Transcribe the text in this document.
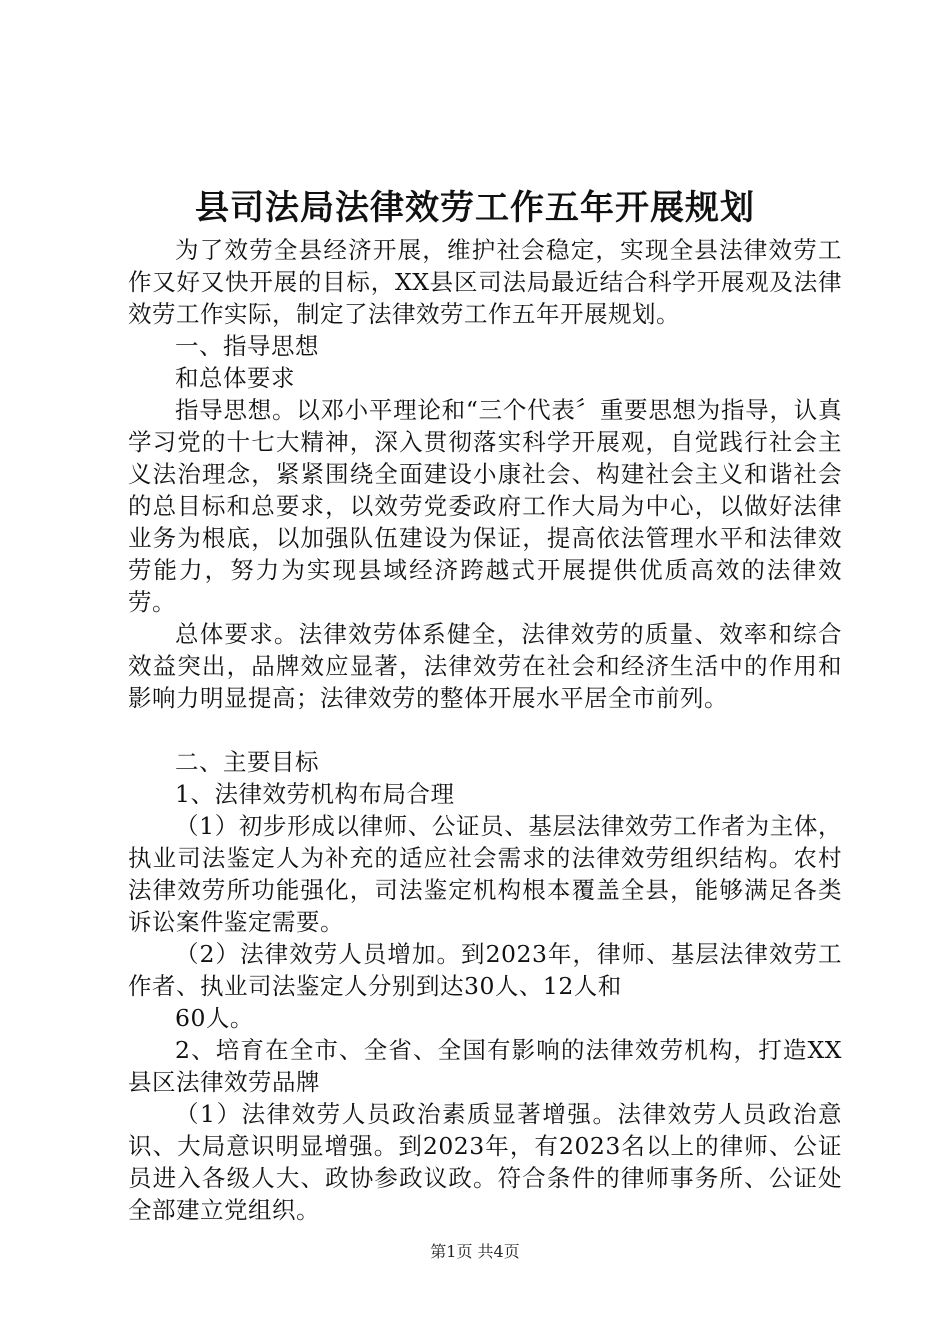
县司法局法律效劳工作五年开展规划

为了效劳全县经济开展，维护社会稳定，实现全县法律效劳工作又好又快开展的目标，XX县区司法局最近结合科学开展观及法律效劳工作实际，制定了法律效劳工作五年开展规划。

一、指导思想

和总体要求

指导思想。以邓小平理论和“三个代表〞重要思想为指导，认真学习党的十七大精神，深入贯彻落实科学开展观，自觉践行社会主义法治理念，紧紧围绕全面建设小康社会、构建社会主义和谐社会的总目标和总要求，以效劳党委政府工作大局为中心，以做好法律业务为根底，以加强队伍建设为保证，提高依法管理水平和法律效劳能力，努力为实现县域经济跨越式开展提供优质高效的法律效劳。

总体要求。法律效劳体系健全，法律效劳的质量、效率和综合效益突出，品牌效应显著，法律效劳在社会和经济生活中的作用和影响力明显提高；法律效劳的整体开展水平居全市前列。

二、主要目标

1、法律效劳机构布局合理

（1）初步形成以律师、公证员、基层法律效劳工作者为主体，执业司法鉴定人为补充的适应社会需求的法律效劳组织结构。农村法律效劳所功能强化，司法鉴定机构根本覆盖全县，能够满足各类诉讼案件鉴定需要。

（2）法律效劳人员增加。到2023年，律师、基层法律效劳工作者、执业司法鉴定人分别到达30人、12人和

60人。

2、培育在全市、全省、全国有影响的法律效劳机构，打造XX县区法律效劳品牌

（1）法律效劳人员政治素质显著增强。法律效劳人员政治意识、大局意识明显增强。到2023年，有2023名以上的律师、公证员进入各级人大、政协参政议政。符合条件的律师事务所、公证处全部建立党组织。

第1页 共4页
